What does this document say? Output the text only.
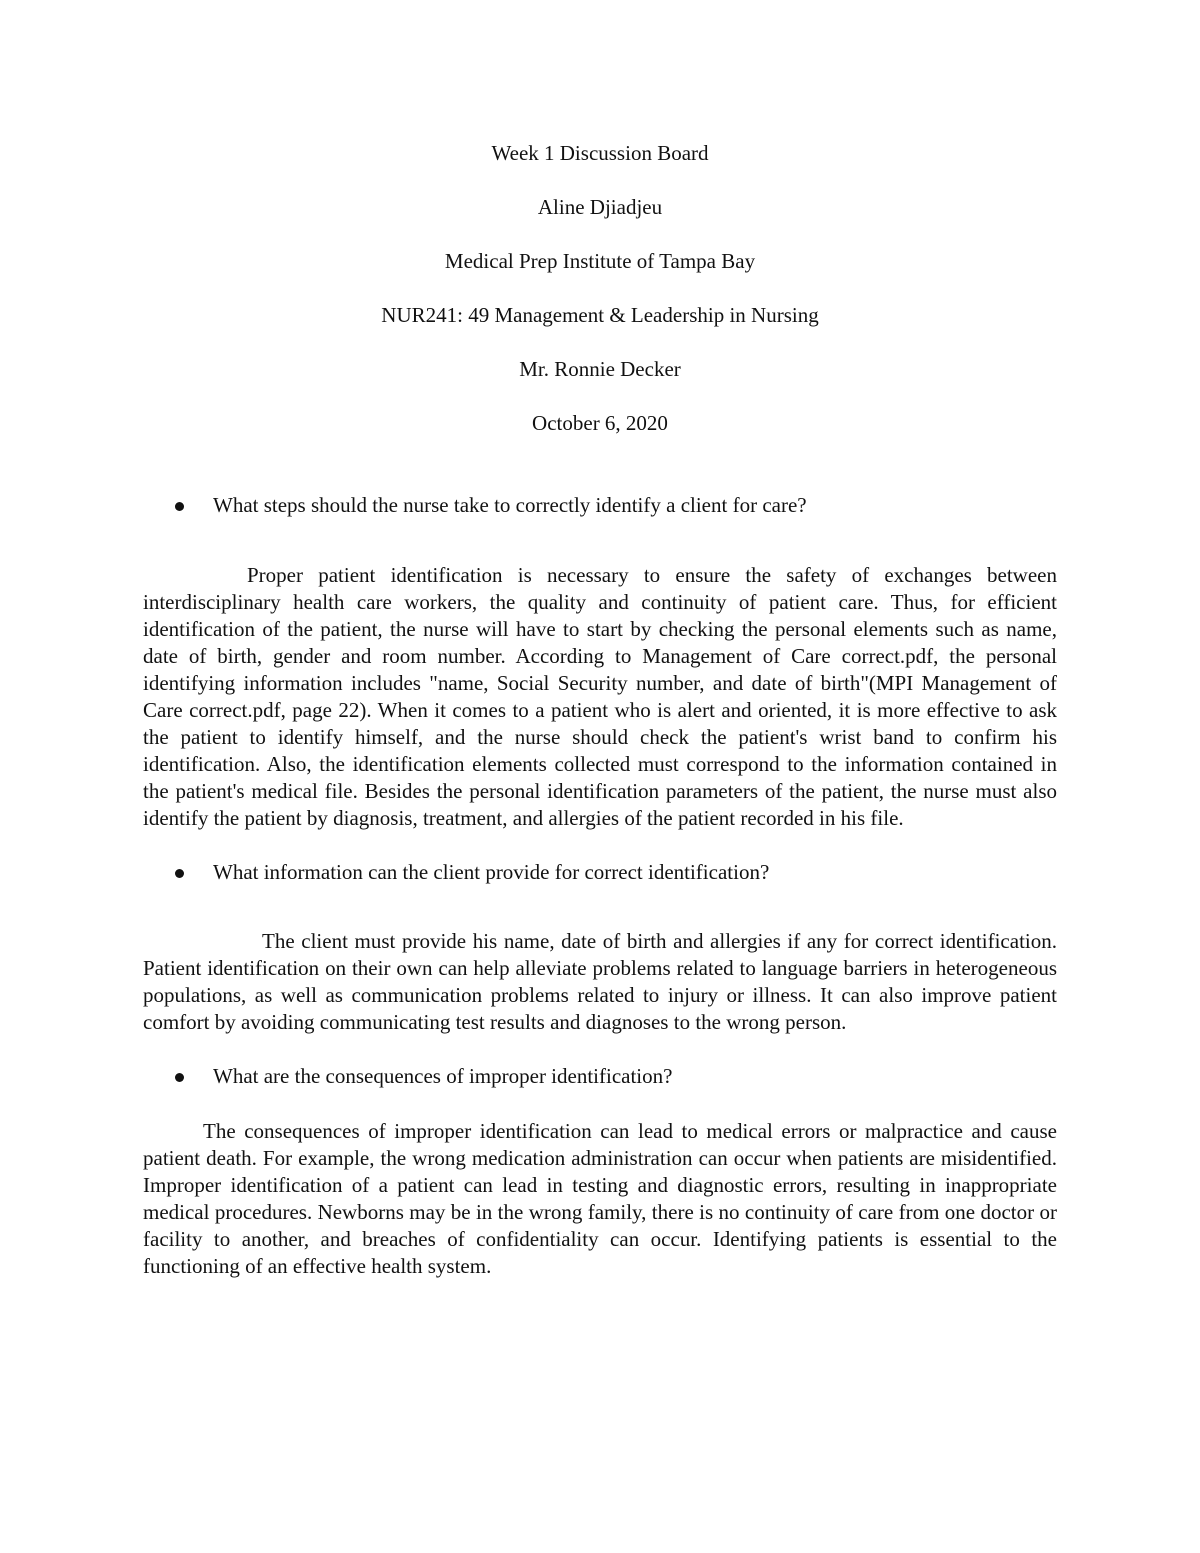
Week 1 Discussion Board
Aline Djiadjeu
Medical Prep Institute of Tampa Bay
NUR241: 49 Management & Leadership in Nursing
Mr. Ronnie Decker
October 6, 2020
What steps should the nurse take to correctly identify a client for care?

Proper patient identification is necessary to ensure the safety of exchanges between interdisciplinary health care workers, the quality and continuity of patient care. Thus, for efficient identification of the patient, the nurse will have to start by checking the personal elements such as name, date of birth, gender and room number. According to Management of Care correct.pdf, the personal identifying information includes "name, Social Security number, and date of birth"(MPI Management of Care correct.pdf, page 22). When it comes to a patient who is alert and oriented, it is more effective to ask the patient to identify himself, and the nurse should check the patient's wrist band to confirm his identification. Also, the identification elements collected must correspond to the information contained in the patient's medical file. Besides the personal identification parameters of the patient, the nurse must also identify the patient by diagnosis, treatment, and allergies of the patient recorded in his file.

What information can the client provide for correct identification?

The client must provide his name, date of birth and allergies if any for correct identification. Patient identification on their own can help alleviate problems related to language barriers in heterogeneous populations, as well as communication problems related to injury or illness. It can also improve patient comfort by avoiding communicating test results and diagnoses to the wrong person.

What are the consequences of improper identification?

The consequences of improper identification can lead to medical errors or malpractice and cause patient death. For example, the wrong medication administration can occur when patients are misidentified. Improper identification of a patient can lead in testing and diagnostic errors, resulting in inappropriate medical procedures. Newborns may be in the wrong family, there is no continuity of care from one doctor or facility to another, and breaches of confidentiality can occur. Identifying patients is essential to the functioning of an effective health system.
